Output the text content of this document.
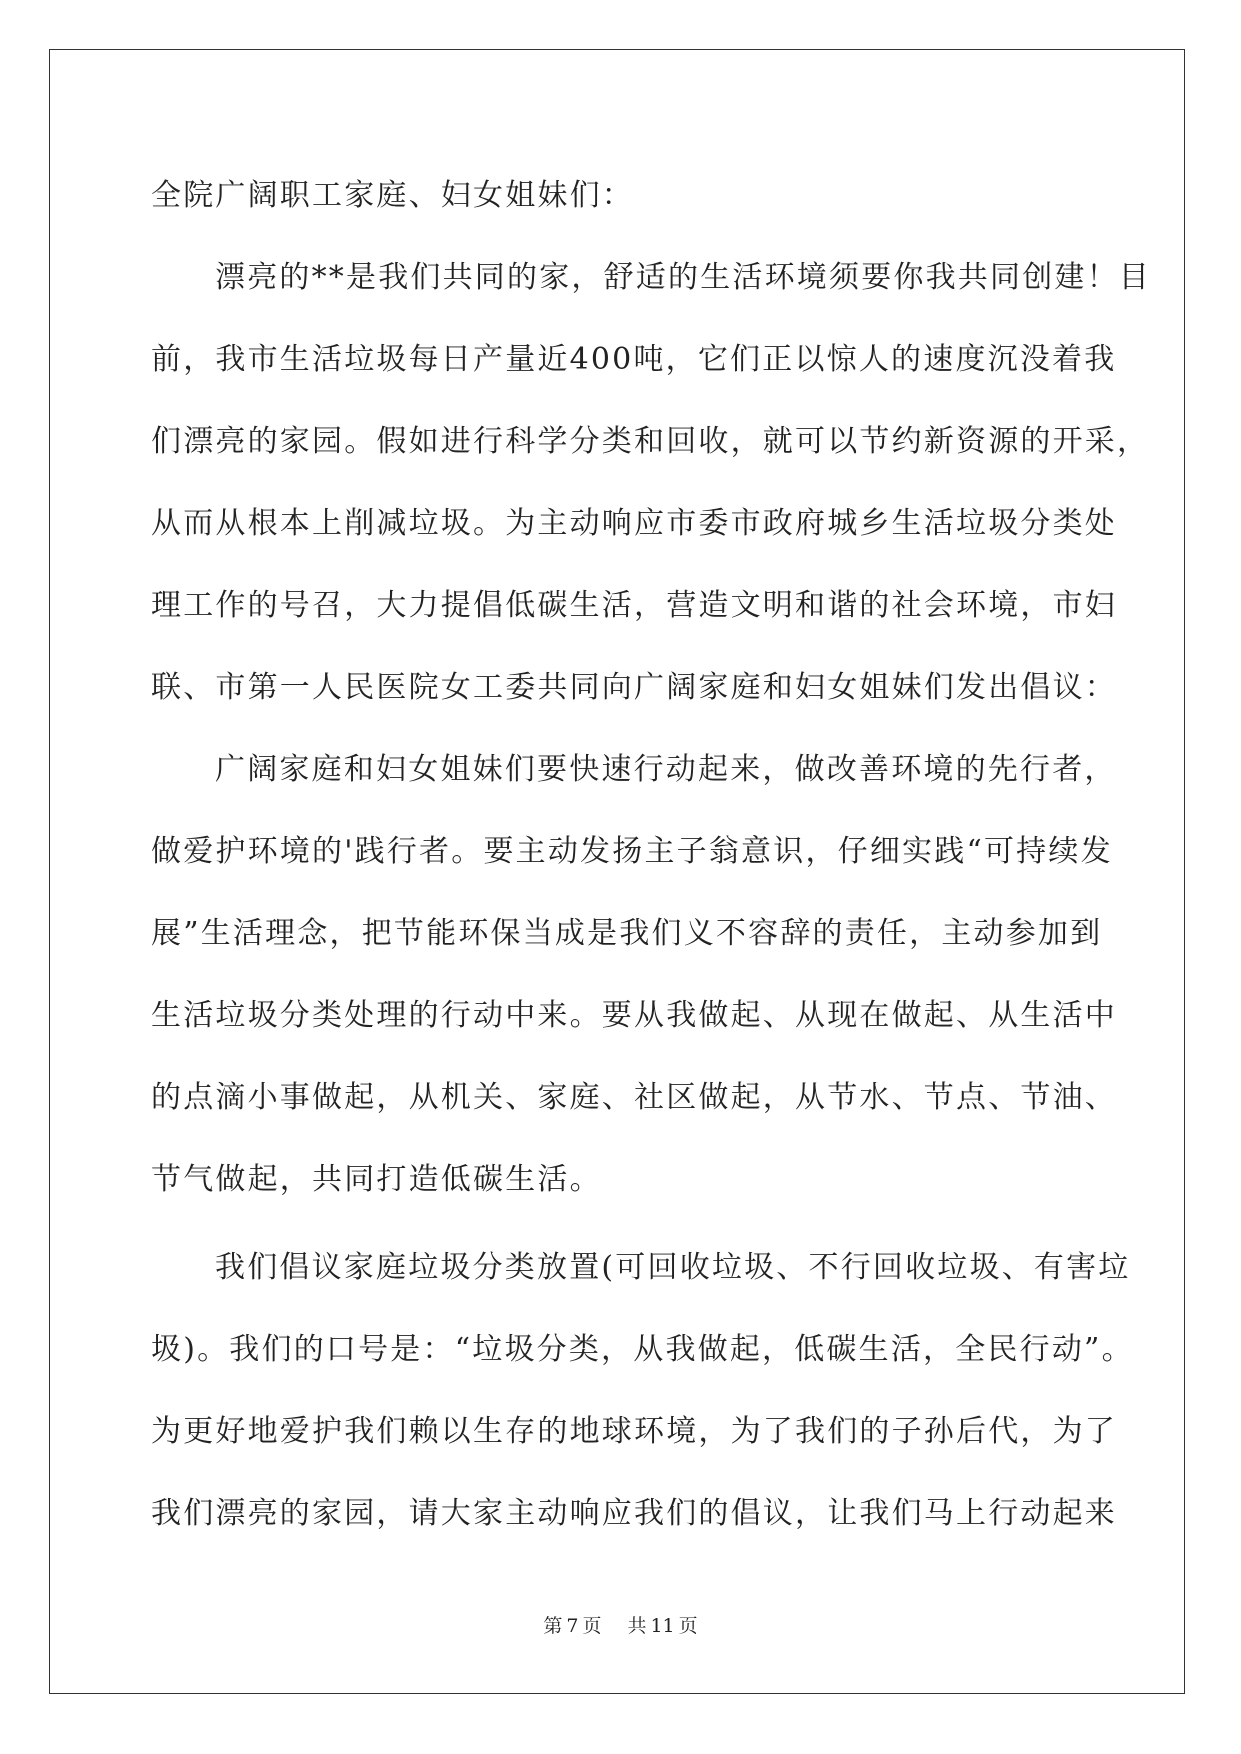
全院广阔职工家庭、妇女姐妹们：
漂亮的**是我们共同的家，舒适的生活环境须要你我共同创建！目
前，我市生活垃圾每日产量近400吨，它们正以惊人的速度沉没着我
们漂亮的家园。假如进行科学分类和回收，就可以节约新资源的开采，
从而从根本上削减垃圾。为主动响应市委市政府城乡生活垃圾分类处
理工作的号召，大力提倡低碳生活，营造文明和谐的社会环境，市妇
联、市第一人民医院女工委共同向广阔家庭和妇女姐妹们发出倡议：
广阔家庭和妇女姐妹们要快速行动起来，做改善环境的先行者，
做爱护环境的'践行者。要主动发扬主子翁意识，仔细实践“可持续发
展”生活理念，把节能环保当成是我们义不容辞的责任，主动参加到
生活垃圾分类处理的行动中来。要从我做起、从现在做起、从生活中
的点滴小事做起，从机关、家庭、社区做起，从节水、节点、节油、
节气做起，共同打造低碳生活。
我们倡议家庭垃圾分类放置(可回收垃圾、不行回收垃圾、有害垃
圾)。我们的口号是：“垃圾分类，从我做起，低碳生活，全民行动”。
为更好地爱护我们赖以生存的地球环境，为了我们的子孙后代，为了
我们漂亮的家园，请大家主动响应我们的倡议，让我们马上行动起来
第 7 页 共 11 页
